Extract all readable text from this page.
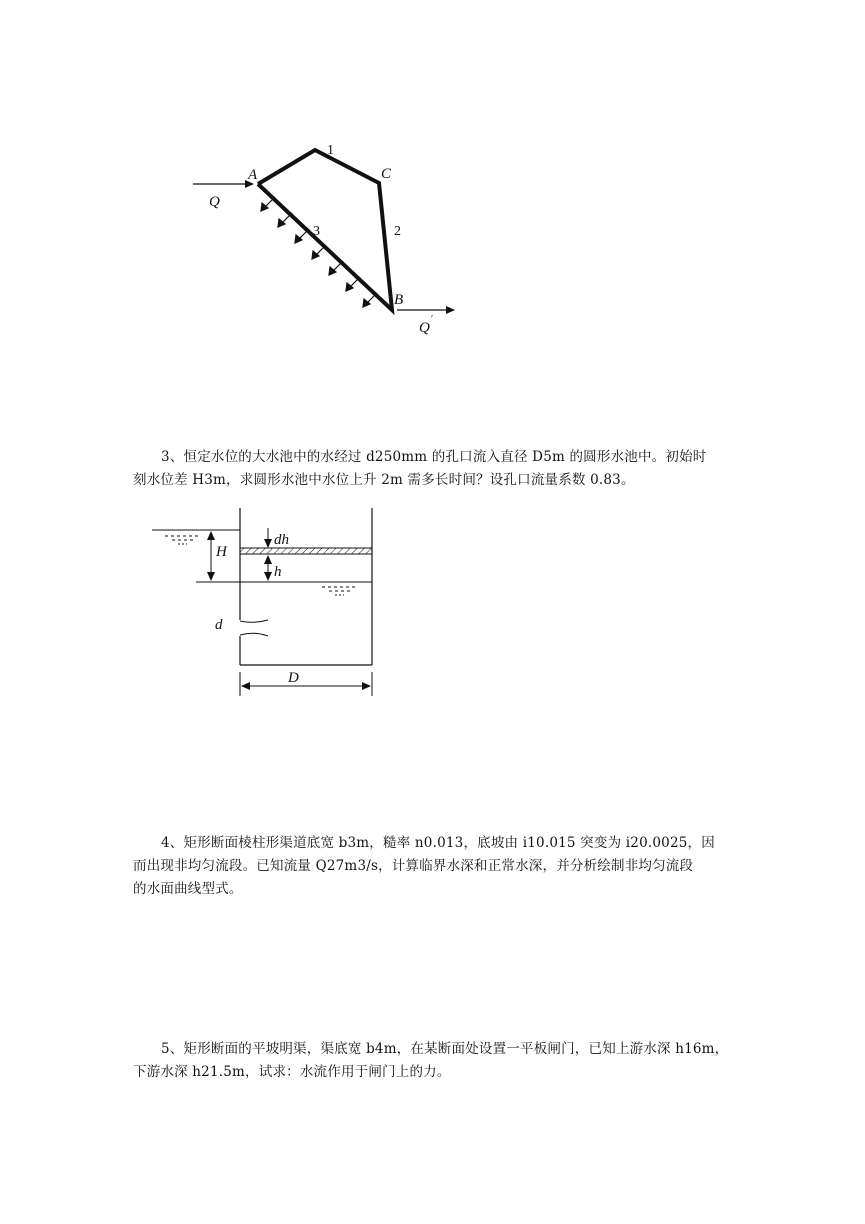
A	C
B
1
2
3
Q
Q
′
3、恒定水位的大水池中的水经过 d250mm 的孔口流入直径 D5m 的圆形水池中。初始时
刻水位差 H3m，求圆形水池中水位上升 2m 需多长时间？设孔口流量系数 0.83。
H
d
dh
h
D
4、矩形断面棱柱形渠道底宽 b3m，糙率 n0.013，底坡由 i10.015 突变为 i20.0025，因
而出现非均匀流段。已知流量 Q27m3/s，计算临界水深和正常水深，并分析绘制非均匀流段
的水面曲线型式。
5、矩形断面的平坡明渠，渠底宽 b4m，在某断面处设置一平板闸门，已知上游水深 h16m，
下游水深 h21.5m，试求：水流作用于闸门上的力。
